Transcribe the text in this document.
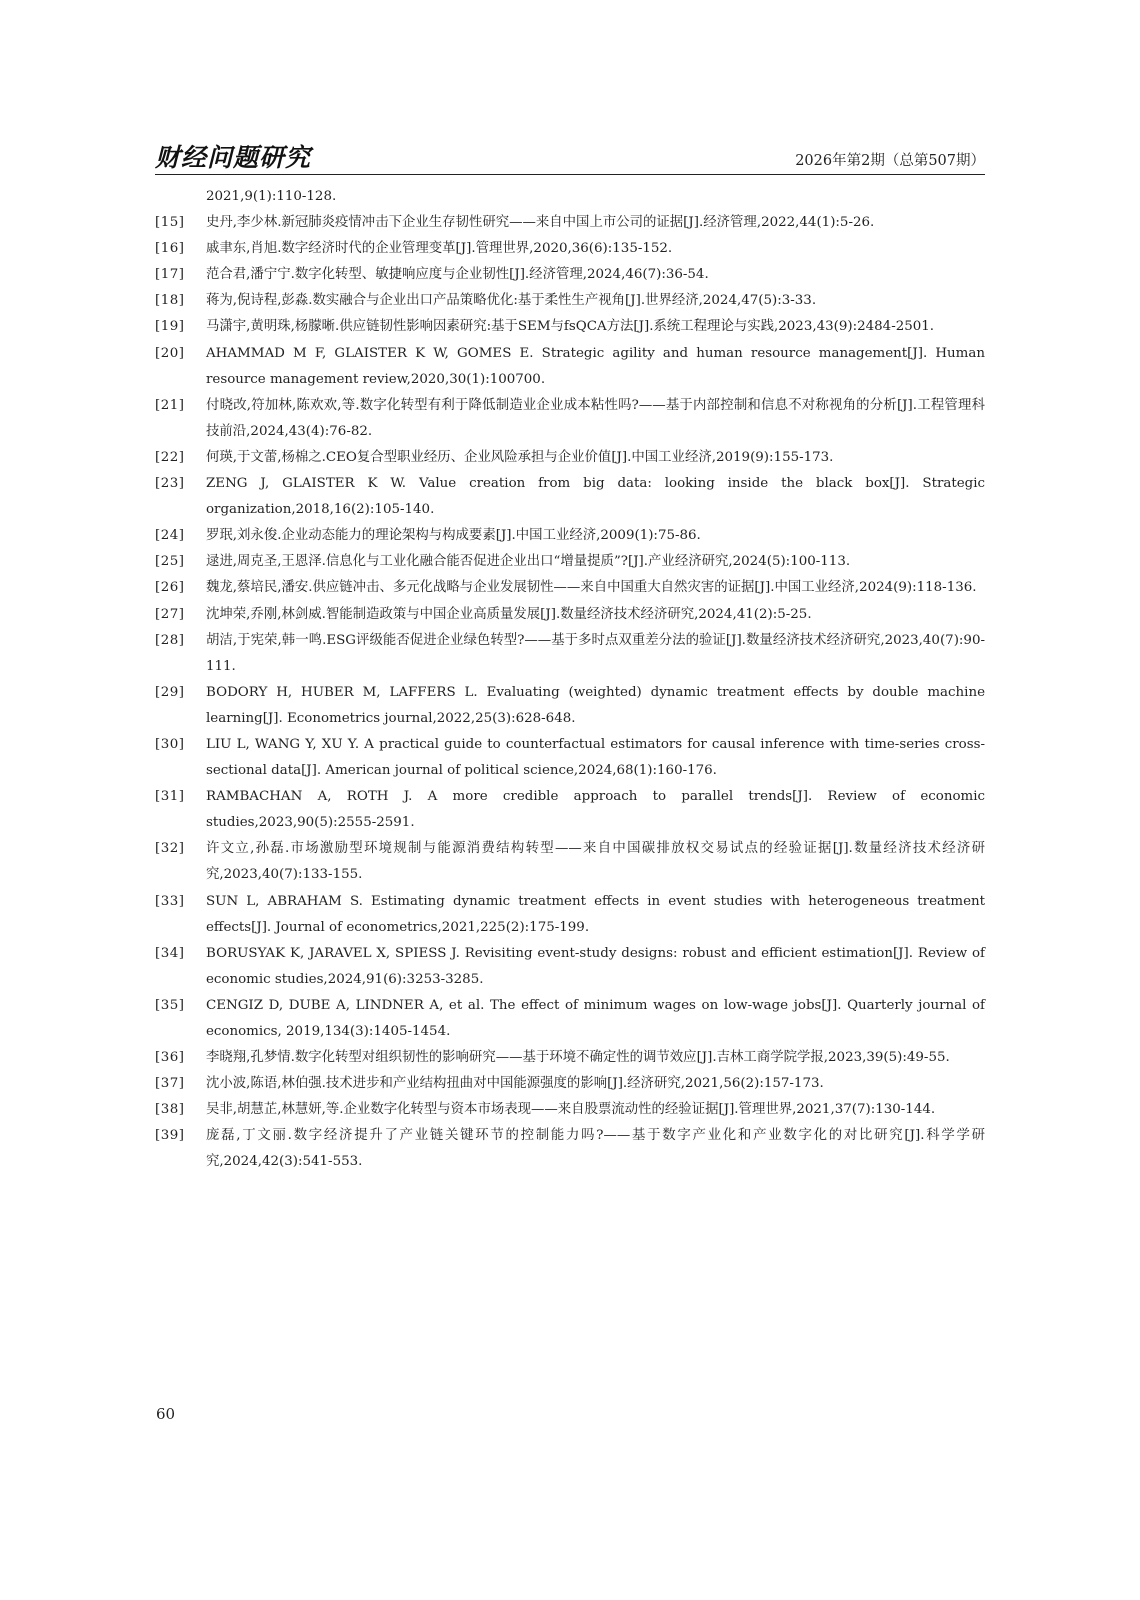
财经问题研究	2026年第2期（总第507期）
2021,9(1):110-128.
[15]	史丹,李少林.新冠肺炎疫情冲击下企业生存韧性研究——来自中国上市公司的证据[J].经济管理,2022,44(1):5-26.
[16]	戚聿东,肖旭.数字经济时代的企业管理变革[J].管理世界,2020,36(6):135-152.
[17]	范合君,潘宁宁.数字化转型、敏捷响应度与企业韧性[J].经济管理,2024,46(7):36-54.
[18]	蒋为,倪诗程,彭淼.数实融合与企业出口产品策略优化:基于柔性生产视角[J].世界经济,2024,47(5):3-33.
[19]	马潇宇,黄明珠,杨朦晰.供应链韧性影响因素研究:基于SEM与fsQCA方法[J].系统工程理论与实践,2023,43(9):2484-2501.
[20]	AHAMMAD M F, GLAISTER K W, GOMES E. Strategic agility and human resource management[J]. Human resource management review,2020,30(1):100700.
[21]	付晓改,符加林,陈欢欢,等.数字化转型有利于降低制造业企业成本粘性吗?——基于内部控制和信息不对称视角的分析[J].工程管理科技前沿,2024,43(4):76-82.
[22]	何瑛,于文蕾,杨棉之.CEO复合型职业经历、企业风险承担与企业价值[J].中国工业经济,2019(9):155-173.
[23]	ZENG J, GLAISTER K W. Value creation from big data: looking inside the black box[J]. Strategic organization,2018,16(2):105-140.
[24]	罗珉,刘永俊.企业动态能力的理论架构与构成要素[J].中国工业经济,2009(1):75-86.
[25]	逯进,周克圣,王恩泽.信息化与工业化融合能否促进企业出口“增量提质”?[J].产业经济研究,2024(5):100-113.
[26]	魏龙,蔡培民,潘安.供应链冲击、多元化战略与企业发展韧性——来自中国重大自然灾害的证据[J].中国工业经济,2024(9):118-136.
[27]	沈坤荣,乔刚,林剑威.智能制造政策与中国企业高质量发展[J].数量经济技术经济研究,2024,41(2):5-25.
[28]	胡洁,于宪荣,韩一鸣.ESG评级能否促进企业绿色转型?——基于多时点双重差分法的验证[J].数量经济技术经济研究,2023,40(7):90-111.
[29]	BODORY H, HUBER M, LAFFERS L. Evaluating (weighted) dynamic treatment effects by double machine learning[J]. Econometrics journal,2022,25(3):628-648.
[30]	LIU L, WANG Y, XU Y. A practical guide to counterfactual estimators for causal inference with time-series cross-sectional data[J]. American journal of political science,2024,68(1):160-176.
[31]	RAMBACHAN A, ROTH J. A more credible approach to parallel trends[J]. Review of economic studies,2023,90(5):2555-2591.
[32]	许文立,孙磊.市场激励型环境规制与能源消费结构转型——来自中国碳排放权交易试点的经验证据[J].数量经济技术经济研究,2023,40(7):133-155.
[33]	SUN L, ABRAHAM S. Estimating dynamic treatment effects in event studies with heterogeneous treatment effects[J]. Journal of econometrics,2021,225(2):175-199.
[34]	BORUSYAK K, JARAVEL X, SPIESS J. Revisiting event-study designs: robust and efficient estimation[J]. Review of economic studies,2024,91(6):3253-3285.
[35]	CENGIZ D, DUBE A, LINDNER A, et al. The effect of minimum wages on low-wage jobs[J]. Quarterly journal of economics, 2019,134(3):1405-1454.
[36]	李晓翔,孔梦情.数字化转型对组织韧性的影响研究——基于环境不确定性的调节效应[J].吉林工商学院学报,2023,39(5):49-55.
[37]	沈小波,陈语,林伯强.技术进步和产业结构扭曲对中国能源强度的影响[J].经济研究,2021,56(2):157-173.
[38]	吴非,胡慧芷,林慧妍,等.企业数字化转型与资本市场表现——来自股票流动性的经验证据[J].管理世界,2021,37(7):130-144.
[39]	庞磊,丁文丽.数字经济提升了产业链关键环节的控制能力吗?——基于数字产业化和产业数字化的对比研究[J].科学学研究,2024,42(3):541-553.
60
